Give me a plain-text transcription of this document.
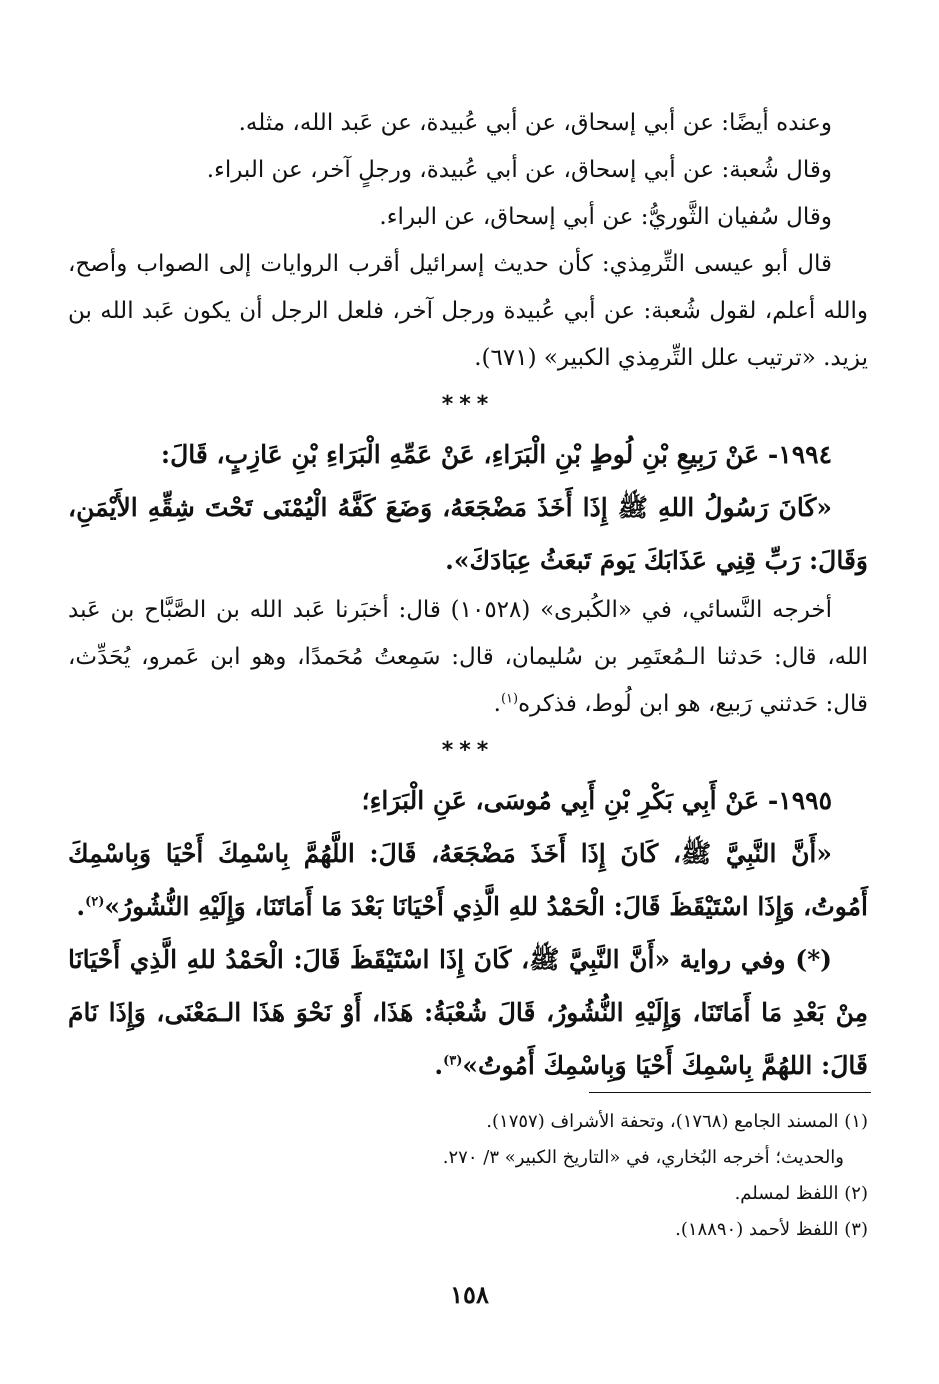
وعنده أيضًا: عن أبي إسحاق، عن أبي عُبيدة، عن عَبد الله، مثله.

وقال شُعبة: عن أبي إسحاق، عن أبي عُبيدة، ورجلٍ آخر، عن البراء.

وقال سُفيان الثَّوريُّ: عن أبي إسحاق، عن البراء.

قال أبو عيسى التِّرمِذي: كأن حديث إسرائيل أقرب الروايات إلى الصواب وأصح، والله أعلم، لقول شُعبة: عن أبي عُبيدة ورجل آخر، فلعل الرجل أن يكون عَبد الله بن يزيد. «ترتيب علل التِّرمِذي الكبير» (٦٧١).

***

١٩٩٤- عَنْ رَبِيعِ بْنِ لُوطٍ بْنِ الْبَرَاءِ، عَنْ عَمِّهِ الْبَرَاءِ بْنِ عَازِبٍ، قَالَ:

«كَانَ رَسُولُ اللهِ ﷺ إِذَا أَخَذَ مَضْجَعَهُ، وَضَعَ كَفَّهُ الْيُمْنَى تَحْتَ شِقِّهِ الأَيْمَنِ، وَقَالَ: رَبِّ قِنِي عَذَابَكَ يَومَ تَبعَثُ عِبَادَكَ».

أخرجه النَّسائي، في «الكُبرى» (١٠٥٢٨) قال: أخبَرنا عَبد الله بن الصَّبَّاح بن عَبد الله، قال: حَدثنا الـمُعتَمِر بن سُليمان، قال: سَمِعتُ مُحَمدًا، وهو ابن عَمرو، يُحَدِّث، قال: حَدثني رَبيع، هو ابن لُوط، فذكره$^{(١)}$.

***

١٩٩٥- عَنْ أَبِي بَكْرِ بْنِ أَبِي مُوسَى، عَنِ الْبَرَاءِ؛

«أَنَّ النَّبِيَّ ﷺ، كَانَ إِذَا أَخَذَ مَضْجَعَهُ، قَالَ: اللَّهُمَّ بِاسْمِكَ أَحْيَا وَبِاسْمِكَ أَمُوتُ، وَإِذَا اسْتَيْقَظَ قَالَ: الْحَمْدُ للهِ الَّذِي أَحْيَانَا بَعْدَ مَا أَمَاتَنَا، وَإِلَيْهِ النُّشُورُ»$^{(٢)}$.

(*) وفي رواية «أَنَّ النَّبِيَّ ﷺ، كَانَ إِذَا اسْتَيْقَظَ قَالَ: الْحَمْدُ للهِ الَّذِي أَحْيَانَا مِنْ بَعْدِ مَا أَمَاتَنَا، وَإِلَيْهِ النُّشُورُ، قَالَ شُعْبَةُ: هَذَا، أَوْ نَحْوَ هَذَا الـمَعْنَى، وَإِذَا نَامَ قَالَ: اللهُمَّ بِاسْمِكَ أَحْيَا وَبِاسْمِكَ أَمُوتُ»$^{(٣)}$.

(١) المسند الجامع (١٧٦٨)، وتحفة الأشراف (١٧٥٧).

والحديث؛ أخرجه البُخاري، في «التاريخ الكبير» ٣/ ٢٧٠.

(٢) اللفظ لمسلم.

(٣) اللفظ لأحمد (١٨٨٩٠).

١٥٨
